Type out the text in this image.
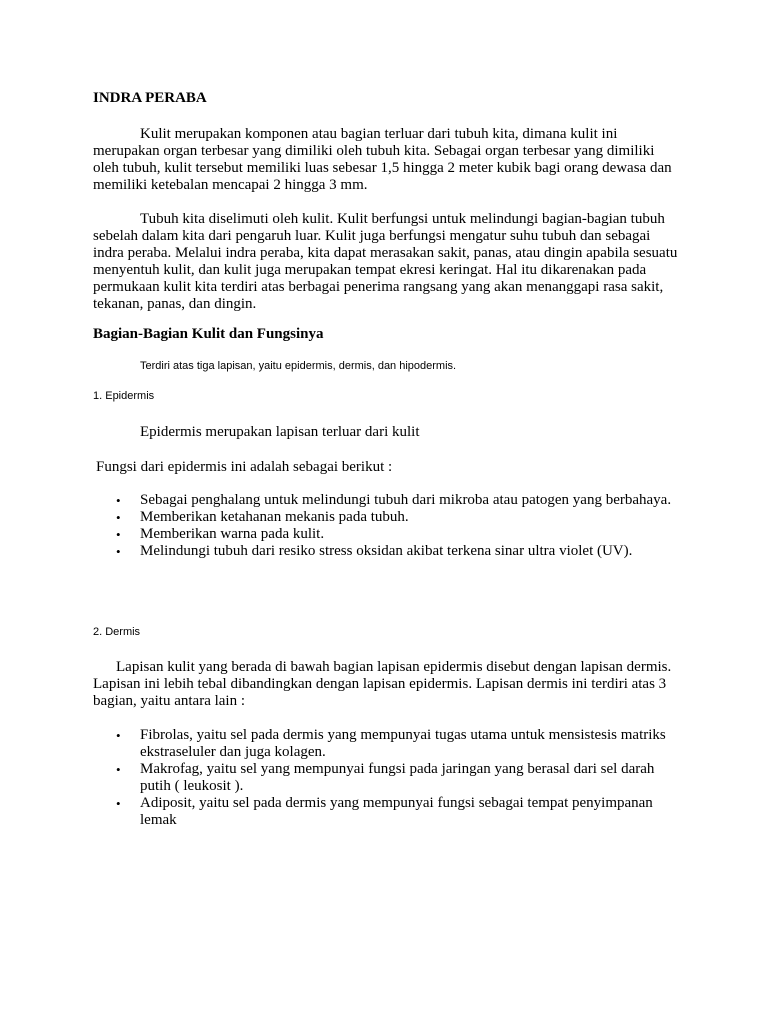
INDRA PERABA

Kulit merupakan komponen atau bagian terluar dari tubuh kita, dimana kulit ini merupakan organ terbesar yang dimiliki oleh tubuh kita. Sebagai organ terbesar yang dimiliki oleh tubuh, kulit tersebut memiliki luas sebesar 1,5 hingga 2 meter kubik bagi orang dewasa dan memiliki ketebalan mencapai 2 hingga 3 mm.

Tubuh kita diselimuti oleh kulit. Kulit berfungsi untuk melindungi bagian-bagian tubuh sebelah dalam kita dari pengaruh luar. Kulit juga berfungsi mengatur suhu tubuh dan sebagai indra peraba. Melalui indra peraba, kita dapat merasakan sakit, panas, atau dingin apabila sesuatu menyentuh kulit, dan kulit juga merupakan tempat ekresi keringat. Hal itu dikarenakan pada permukaan kulit kita terdiri atas berbagai penerima rangsang yang akan menanggapi rasa sakit, tekanan, panas, dan dingin.

Bagian-Bagian Kulit dan Fungsinya

Terdiri atas tiga lapisan, yaitu epidermis, dermis, dan hipodermis.

1. Epidermis

Epidermis merupakan lapisan terluar dari kulit

Fungsi dari epidermis ini adalah sebagai berikut :

• Sebagai penghalang untuk melindungi tubuh dari mikroba atau patogen yang berbahaya.
• Memberikan ketahanan mekanis pada tubuh.
• Memberikan warna pada kulit.
• Melindungi tubuh dari resiko stress oksidan akibat terkena sinar ultra violet (UV).

2. Dermis

Lapisan kulit yang berada di bawah bagian lapisan epidermis disebut dengan lapisan dermis. Lapisan ini lebih tebal dibandingkan dengan lapisan epidermis. Lapisan dermis ini terdiri atas 3 bagian, yaitu antara lain :

• Fibrolas, yaitu sel pada dermis yang mempunyai tugas utama untuk mensistesis matriks ekstraseluler dan juga kolagen.
• Makrofag, yaitu sel yang mempunyai fungsi pada jaringan yang berasal dari sel darah putih ( leukosit ).
• Adiposit, yaitu sel pada dermis yang mempunyai fungsi sebagai tempat penyimpanan lemak
